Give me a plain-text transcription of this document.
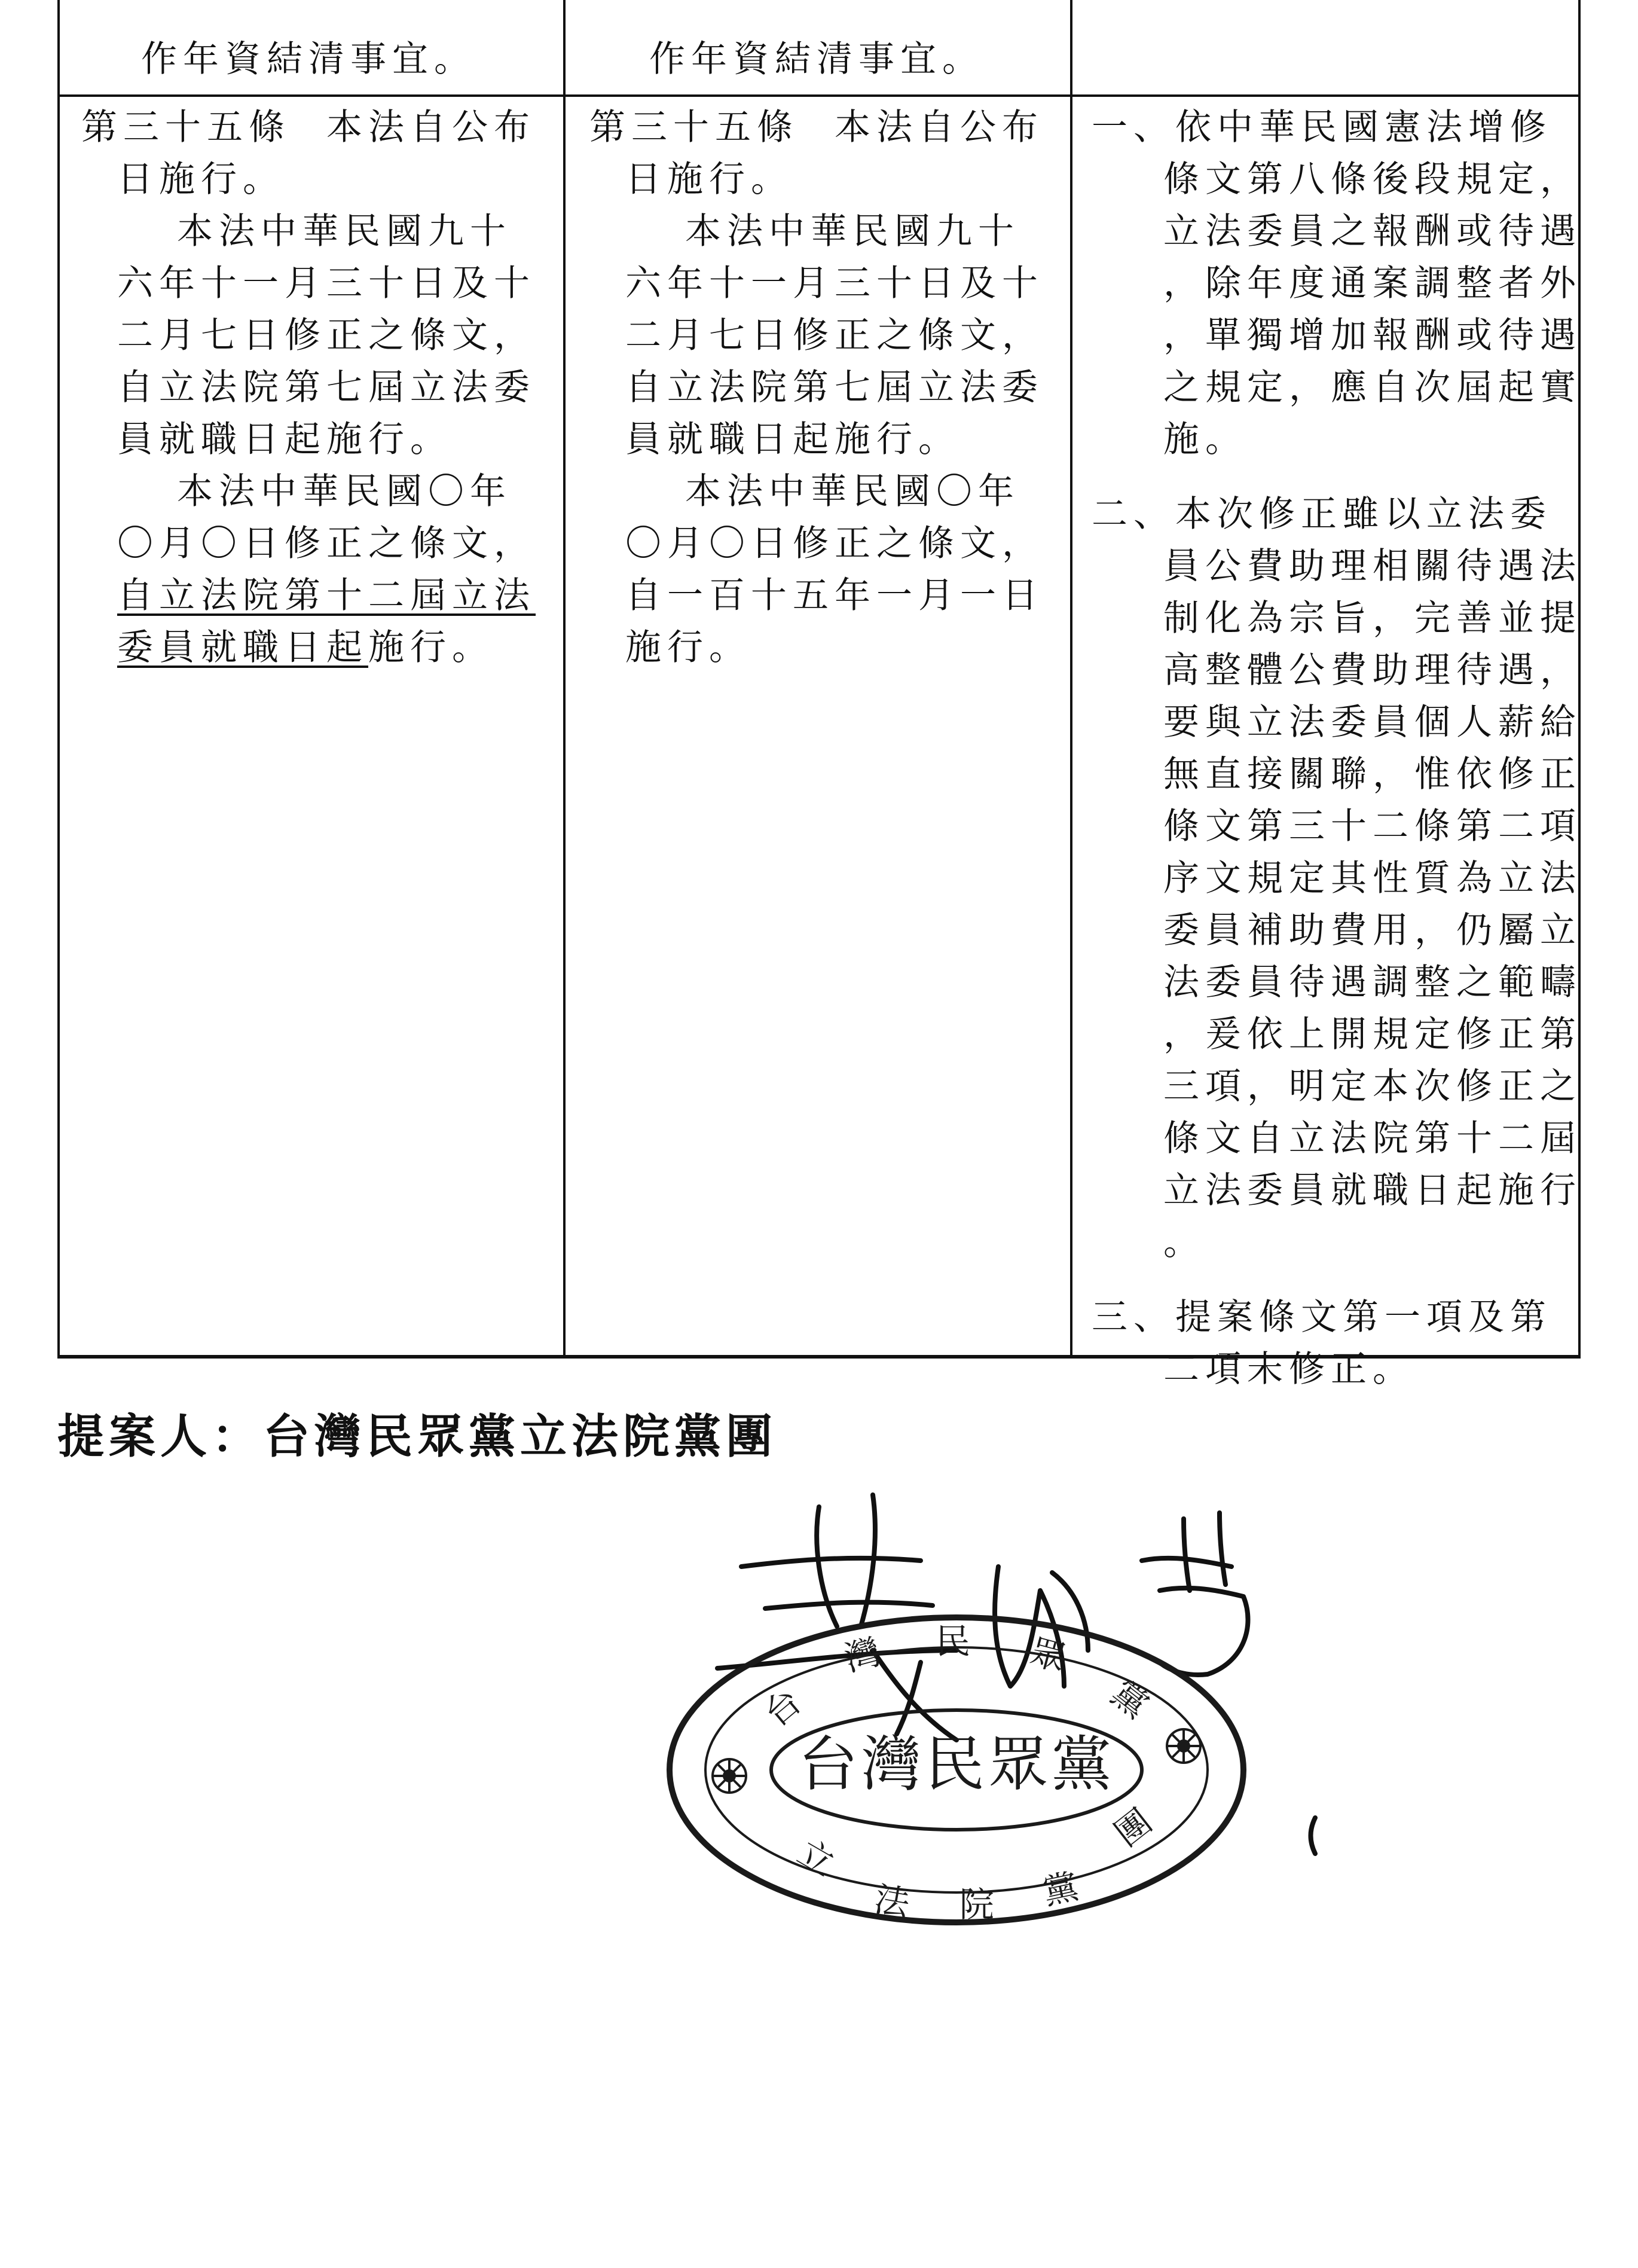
作年資結清事宜。	作年資結清事宜。
第三十五條 本法自公布
日施行。
本法中華民國九十
六年十一月三十日及十
二月七日修正之條文，
自立法院第七屆立法委
員就職日起施行。
本法中華民國〇年
〇月〇日修正之條文，
自立法院第十二屆立法
委員就職日起施行。
第三十五條 本法自公布
日施行。
本法中華民國九十
六年十一月三十日及十
二月七日修正之條文，
自立法院第七屆立法委
員就職日起施行。
本法中華民國〇年
〇月〇日修正之條文，
自一百十五年一月一日
施行。
一、依中華民國憲法增修
條文第八條後段規定，
立法委員之報酬或待遇
，除年度通案調整者外
，單獨增加報酬或待遇
之規定，應自次屆起實
施。
二、本次修正雖以立法委
員公費助理相關待遇法
制化為宗旨，完善並提
高整體公費助理待遇，
要與立法委員個人薪給
無直接關聯，惟依修正
條文第三十二條第二項
序文規定其性質為立法
委員補助費用，仍屬立
法委員待遇調整之範疇
，爰依上開規定修正第
三項，明定本次修正之
條文自立法院第十二屆
立法委員就職日起施行
。
三、提案條文第一項及第
二項未修正。
提案人：台灣民眾黨立法院黨團
台
灣 民 眾
黨
立
法 院 黨
團
台灣民眾黨
